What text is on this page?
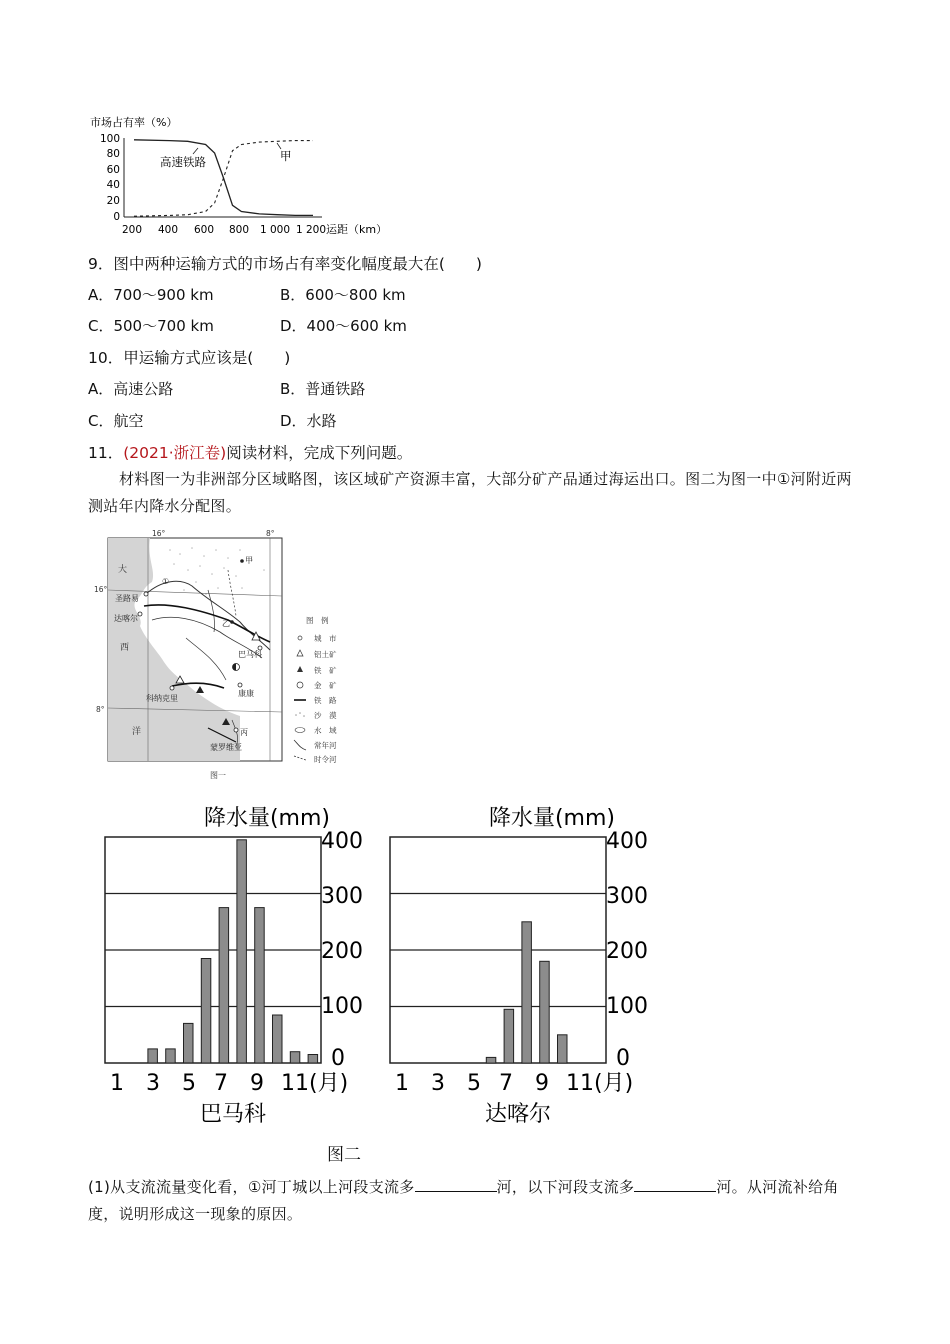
市场占有率（%）
100
80
60
40
20
0
200 400 600 800 1 000 1 200 运距（km）
高速铁路	甲
9．图中两种运输方式的市场占有率变化幅度最大在(　　)
A．700～900 km	B．600～800 km
C．500～700 km	D．400～600 km
10．甲运输方式应该是(　　)
A．高速公路	B．普通铁路
C．航空	D．水路
11．(2021·浙江卷)阅读材料，完成下列问题。
材料图一为非洲部分区域略图，该区域矿产资源丰富，大部分矿产品通过海运出口。图二为图一中①河附近两测站年内降水分配图。
16°	8°
16°
8°
大
西
洋
甲
①
圣路易
达喀尔
乙
巴马科
科纳克里
康康
丙
蒙罗维亚
图　例
城　市
铝土矿
铁　矿
金　矿
铁　路
沙　漠
水　域
常年河
时令河
图一
降水量(mm)
400
300
200
100
0
1 3 5 7 9 11 (月)
巴马科
降水量(mm)
400
300
200
100
0
1 3 5 7 9 11 (月)
达喀尔
图二
(1)从支流流量变化看，①河丁城以上河段支流多	河，以下河段支流多	河。从河流补给角度，说明形成这一现象的原因。
